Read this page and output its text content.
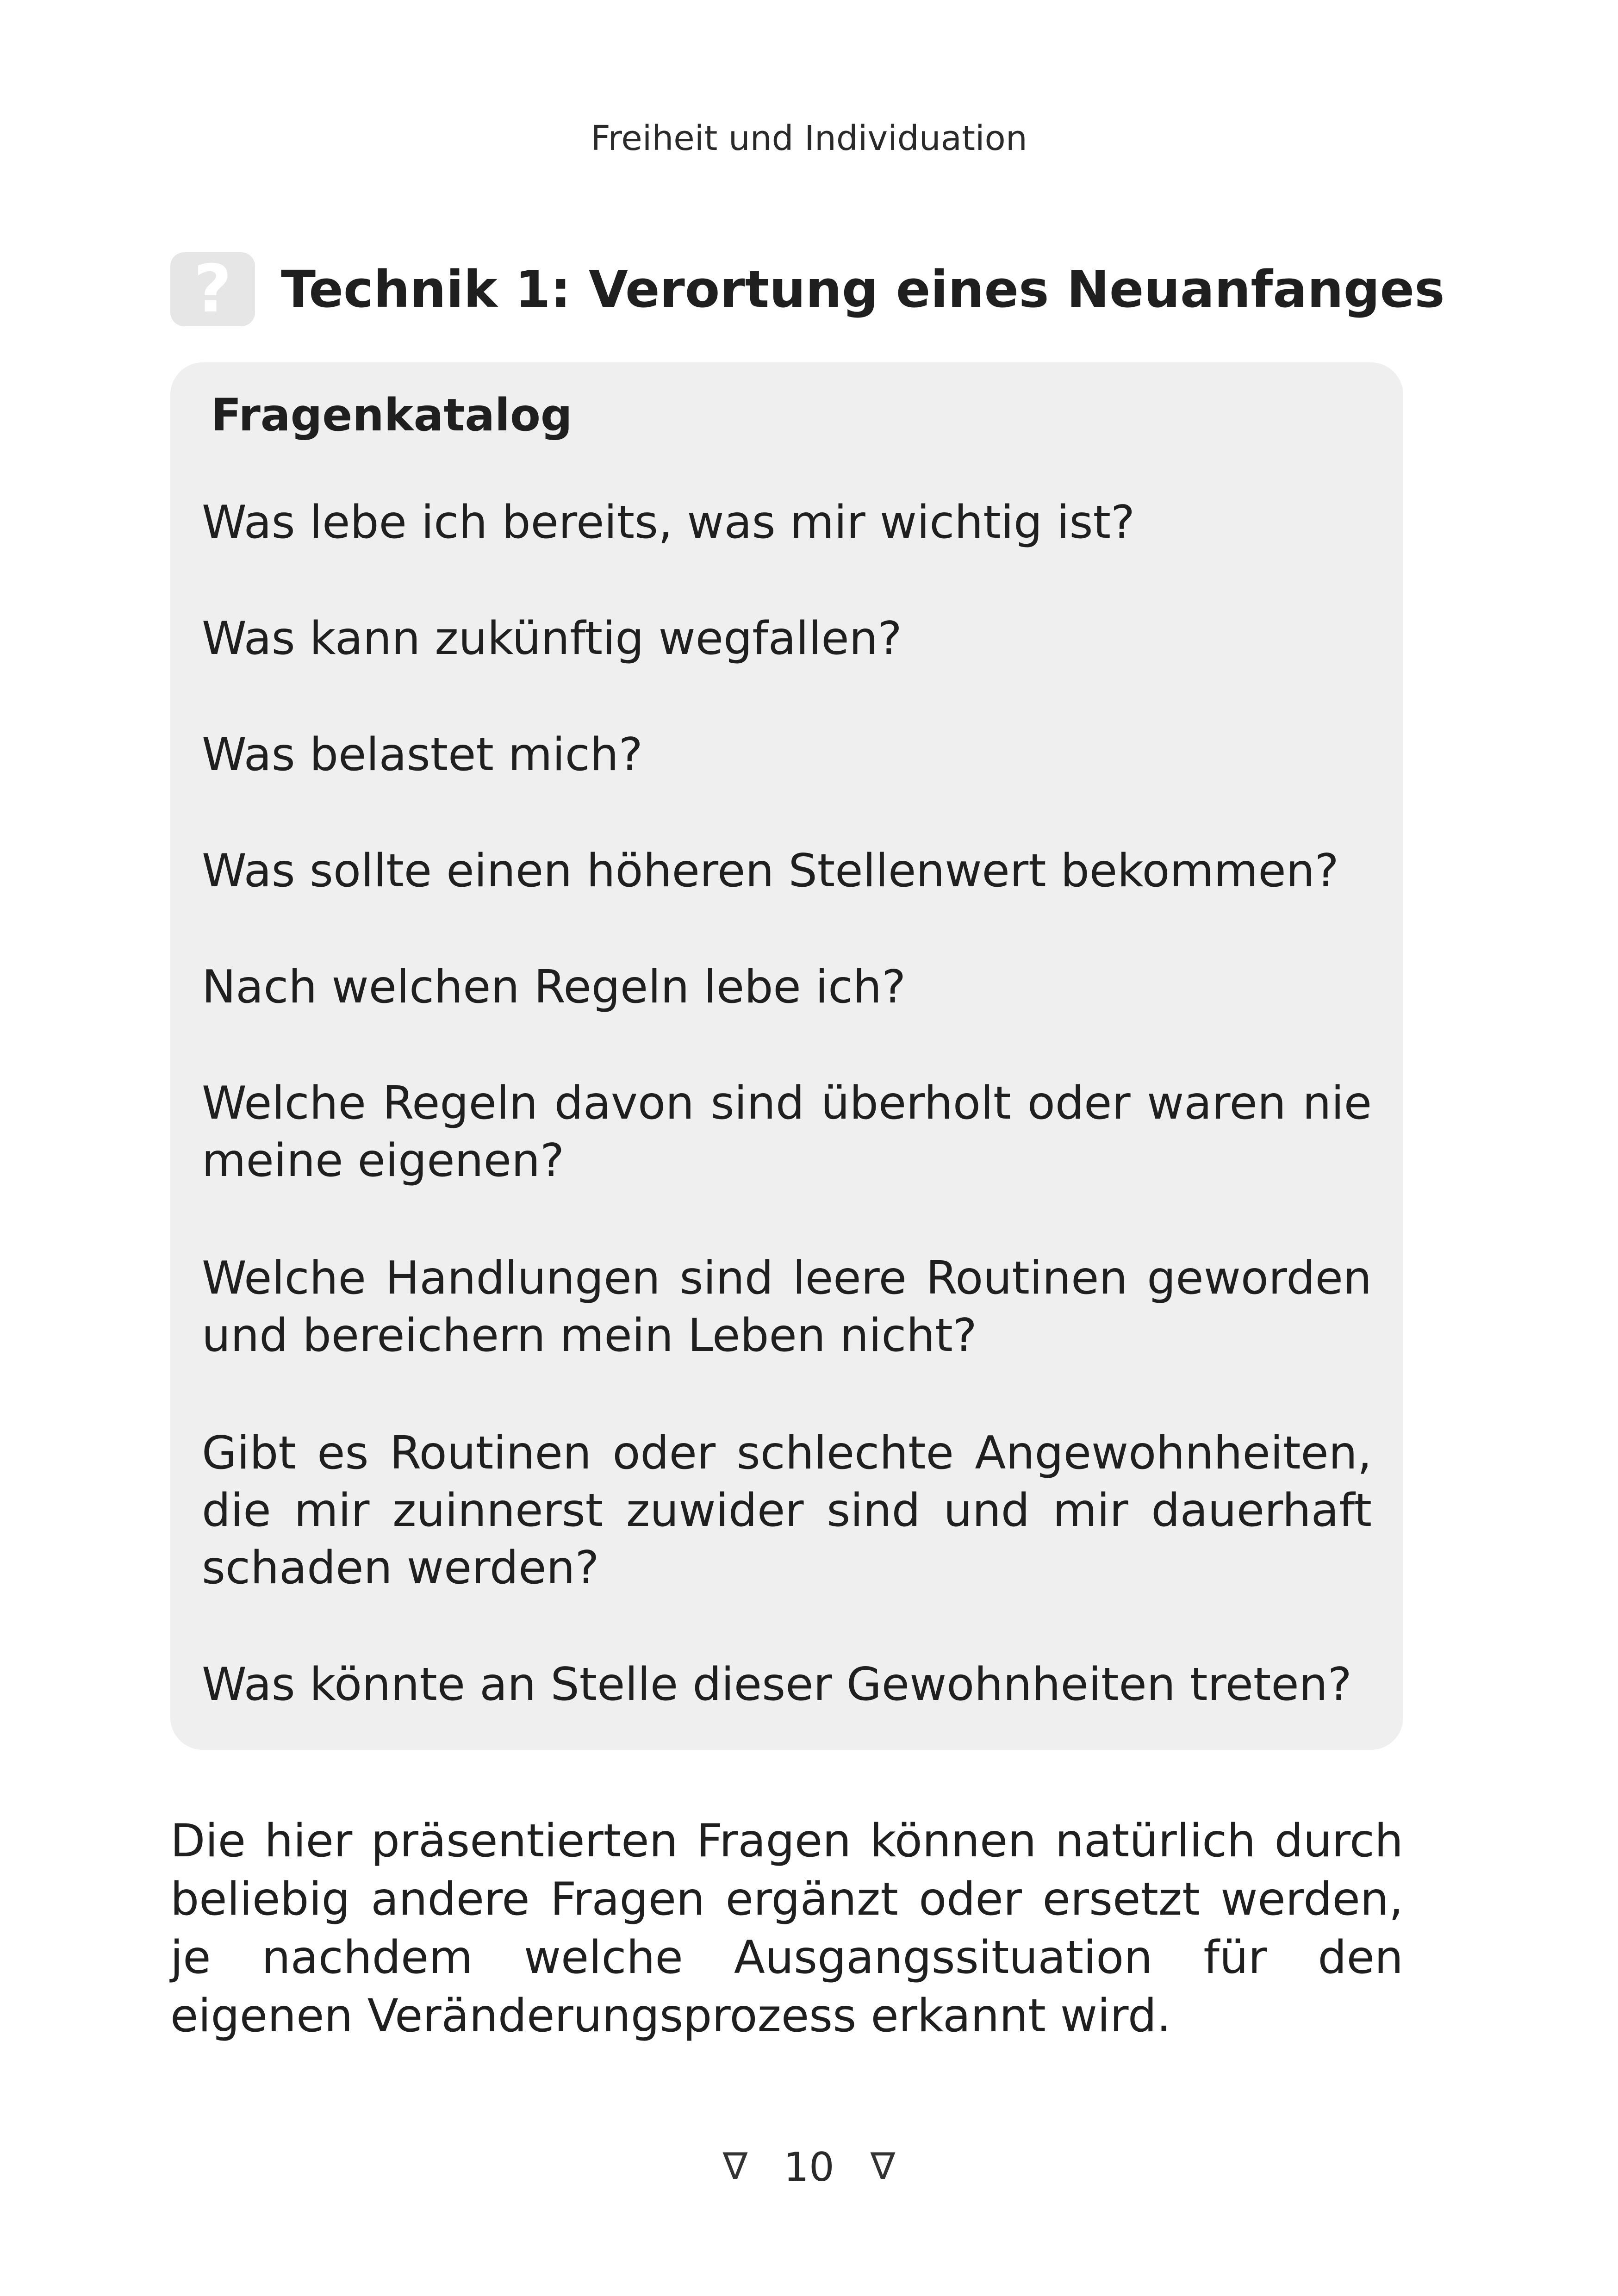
Freiheit und Individuation
? Technik 1: Verortung eines Neuanfanges
Fragenkatalog
Was lebe ich bereits, was mir wichtig ist?
Was kann zukünftig wegfallen?
Was belastet mich?
Was sollte einen höheren Stellenwert bekommen?
Nach welchen Regeln lebe ich?
Welche Regeln davon sind überholt oder waren nie meine eigenen?
Welche Handlungen sind leere Routinen geworden und bereichern mein Leben nicht?
Gibt es Routinen oder schlechte Angewohnheiten, die mir zuinnerst zuwider sind und mir dauerhaft schaden werden?
Was könnte an Stelle dieser Gewohnheiten treten?
Die hier präsentierten Fragen können natürlich durch beliebig andere Fragen ergänzt oder ersetzt werden, je nachdem welche Ausgangssituation für den eigenen Veränderungsprozess erkannt wird.
∇ 10 ∇
